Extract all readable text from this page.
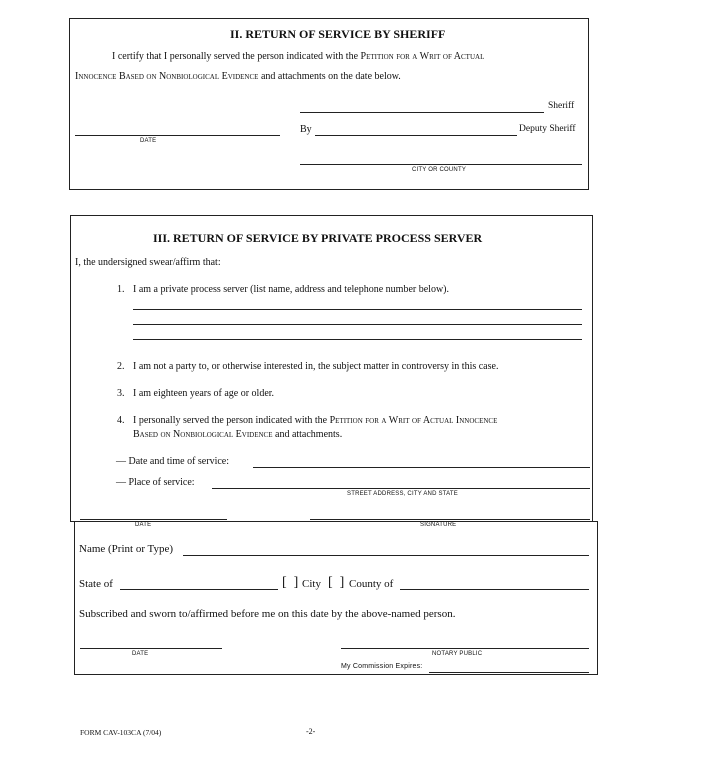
II. RETURN OF SERVICE BY SHERIFF
I certify that I personally served the person indicated with the Petition for a Writ of Actual
Innocence Based on Nonbiological Evidence and attachments on the date below.
Sheriff
DATE
By	Deputy Sheriff
CITY OR COUNTY
III. RETURN OF SERVICE BY PRIVATE PROCESS SERVER
I, the undersigned swear/affirm that:
1. I am a private process server (list name, address and telephone number below).
2. I am not a party to, or otherwise interested in, the subject matter in controversy in this case.
3. I am eighteen years of age or older.
4. I personally served the person indicated with the Petition for a Writ of Actual Innocence
Based on Nonbiological Evidence and attachments.
— Date and time of service:
— Place of service:
STREET ADDRESS, CITY AND STATE
DATE	SIGNATURE
Name (Print or Type)
State of	[ ] City [ ] County of
Subscribed and sworn to/affirmed before me on this date by the above-named person.
DATE	NOTARY PUBLIC
My Commission Expires:
FORM CAV-103CA (7/04)	-2-
